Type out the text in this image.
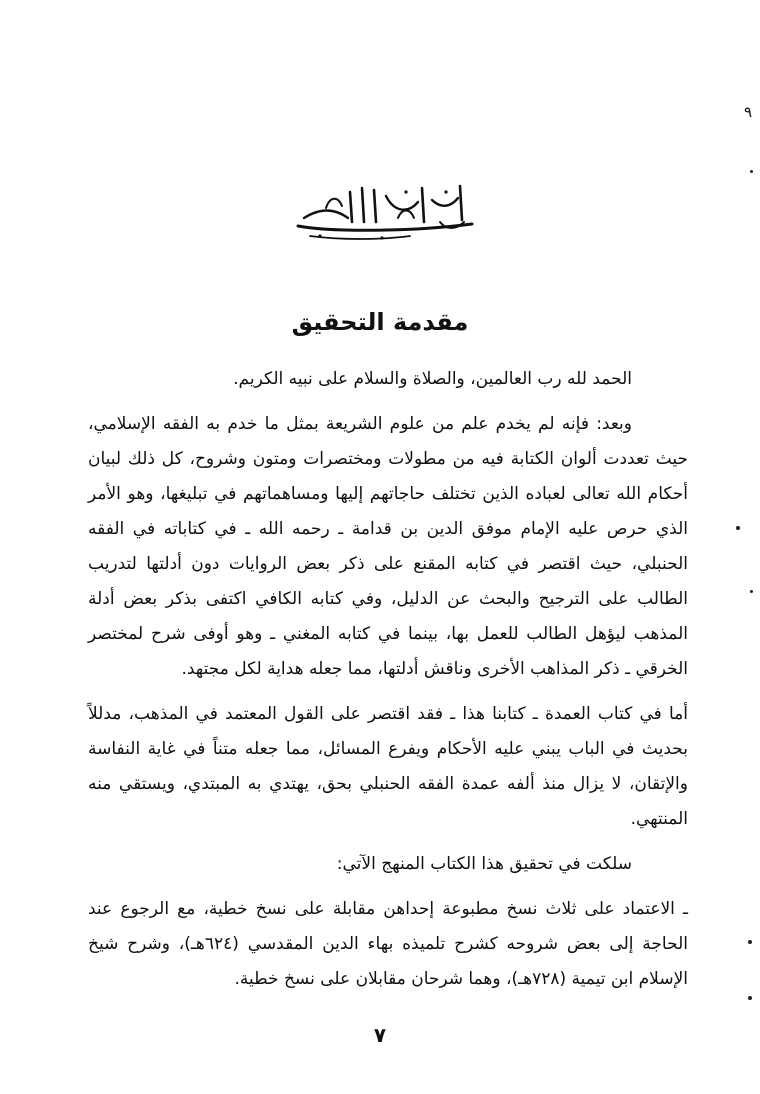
٩
مقدمة التحقيق

الحمد لله رب العالمين، والصلاة والسلام على نبيه الكريم.

وبعد: فإنه لم يخدم علم من علوم الشريعة بمثل ما خدم به الفقه الإسلامي، حيث تعددت ألوان الكتابة فيه من مطولات ومختصرات ومتون وشروح، كل ذلك لبيان أحكام الله تعالى لعباده الذين تختلف حاجاتهم إليها ومساهماتهم في تبليغها، وهو الأمر الذي حرص عليه الإمام موفق الدين بن قدامة ـ رحمه الله ـ في كتاباته في الفقه الحنبلي، حيث اقتصر في كتابه المقنع على ذكر بعض الروايات دون أدلتها لتدريب الطالب على الترجيح والبحث عن الدليل، وفي كتابه الكافي اكتفى بذكر بعض أدلة المذهب ليؤهل الطالب للعمل بها، بينما في كتابه المغني ـ وهو أوفى شرح لمختصر الخرقي ـ ذكر المذاهب الأخرى وناقش أدلتها، مما جعله هداية لكل مجتهد.

أما في كتاب العمدة ـ كتابنا هذا ـ فقد اقتصر على القول المعتمد في المذهب، مدللاً بحديث في الباب يبني عليه الأحكام ويفرع المسائل، مما جعله متناً في غاية النفاسة والإتقان، لا يزال منذ ألفه عمدة الفقه الحنبلي بحق، يهتدي به المبتدي، ويستقي منه المنتهي.

سلكت في تحقيق هذا الكتاب المنهج الآتي:

ـ الاعتماد على ثلاث نسخ مطبوعة إحداهن مقابلة على نسخ خطية، مع الرجوع عند الحاجة إلى بعض شروحه كشرح تلميذه بهاء الدين المقدسي (٦٢٤هـ)، وشرح شيخ الإسلام ابن تيمية (٧٢٨هـ)، وهما شرحان مقابلان على نسخ خطية.

٧
